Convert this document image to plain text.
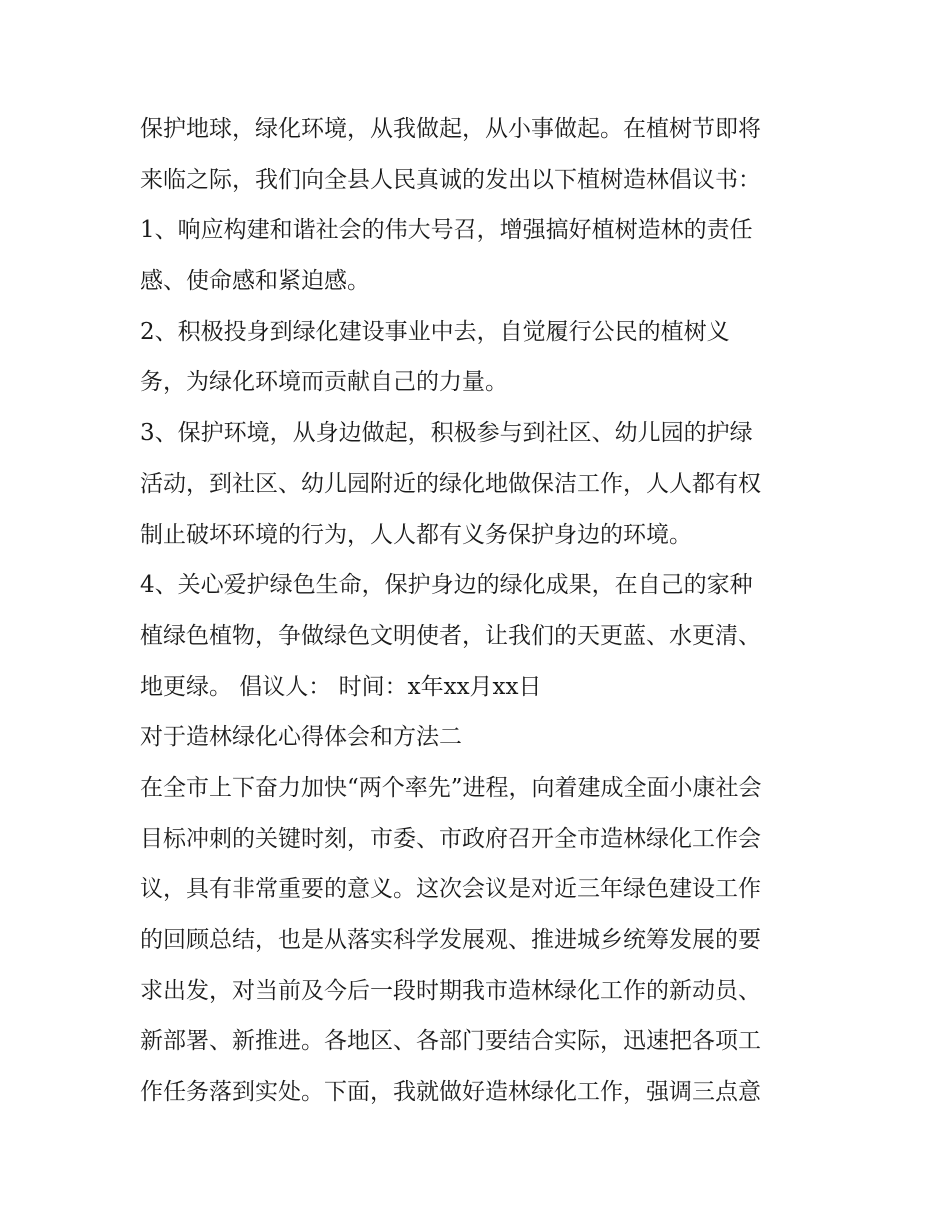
保护地球，绿化环境，从我做起，从小事做起。在植树节即将
来临之际，我们向全县人民真诚的发出以下植树造林倡议书：
1、响应构建和谐社会的伟大号召，增强搞好植树造林的责任
感、使命感和紧迫感。
2、积极投身到绿化建设事业中去，自觉履行公民的植树义
务，为绿化环境而贡献自己的力量。
3、保护环境，从身边做起，积极参与到社区、幼儿园的护绿
活动，到社区、幼儿园附近的绿化地做保洁工作，人人都有权
制止破坏环境的行为，人人都有义务保护身边的环境。
4、关心爱护绿色生命，保护身边的绿化成果，在自己的家种
植绿色植物，争做绿色文明使者，让我们的天更蓝、水更清、
地更绿。 倡议人： 时间：x年xx月xx日
对于造林绿化心得体会和方法二
在全市上下奋力加快“两个率先”进程，向着建成全面小康社会
目标冲刺的关键时刻，市委、市政府召开全市造林绿化工作会
议，具有非常重要的意义。这次会议是对近三年绿色建设工作
的回顾总结，也是从落实科学发展观、推进城乡统筹发展的要
求出发，对当前及今后一段时期我市造林绿化工作的新动员、
新部署、新推进。各地区、各部门要结合实际，迅速把各项工
作任务落到实处。下面，我就做好造林绿化工作，强调三点意
